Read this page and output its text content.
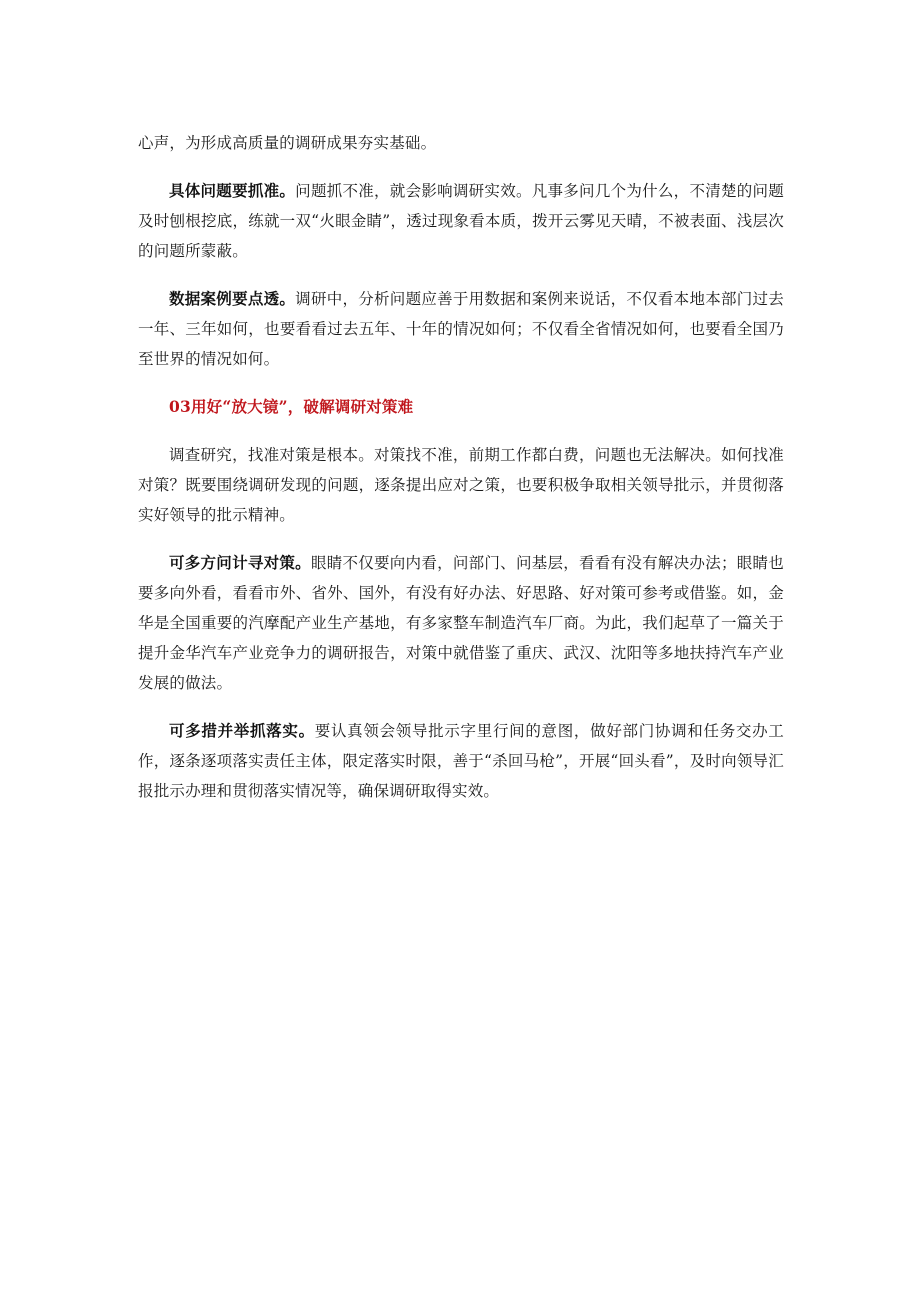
心声，为形成高质量的调研成果夯实基础。

具体问题要抓准。问题抓不准，就会影响调研实效。凡事多问几个为什么，不清楚的问题及时刨根挖底，练就一双“火眼金睛”，透过现象看本质，拨开云雾见天晴，不被表面、浅层次的问题所蒙蔽。

数据案例要点透。调研中，分析问题应善于用数据和案例来说话，不仅看本地本部门过去一年、三年如何，也要看看过去五年、十年的情况如何；不仅看全省情况如何，也要看全国乃至世界的情况如何。

03用好“放大镜”，破解调研对策难

调查研究，找准对策是根本。对策找不准，前期工作都白费，问题也无法解决。如何找准对策？既要围绕调研发现的问题，逐条提出应对之策，也要积极争取相关领导批示，并贯彻落实好领导的批示精神。

可多方问计寻对策。眼睛不仅要向内看，问部门、问基层，看看有没有解决办法；眼睛也要多向外看，看看市外、省外、国外，有没有好办法、好思路、好对策可参考或借鉴。如，金华是全国重要的汽摩配产业生产基地，有多家整车制造汽车厂商。为此，我们起草了一篇关于提升金华汽车产业竞争力的调研报告，对策中就借鉴了重庆、武汉、沈阳等多地扶持汽车产业发展的做法。

可多措并举抓落实。要认真领会领导批示字里行间的意图，做好部门协调和任务交办工作，逐条逐项落实责任主体，限定落实时限，善于“杀回马枪”，开展“回头看”，及时向领导汇报批示办理和贯彻落实情况等，确保调研取得实效。
